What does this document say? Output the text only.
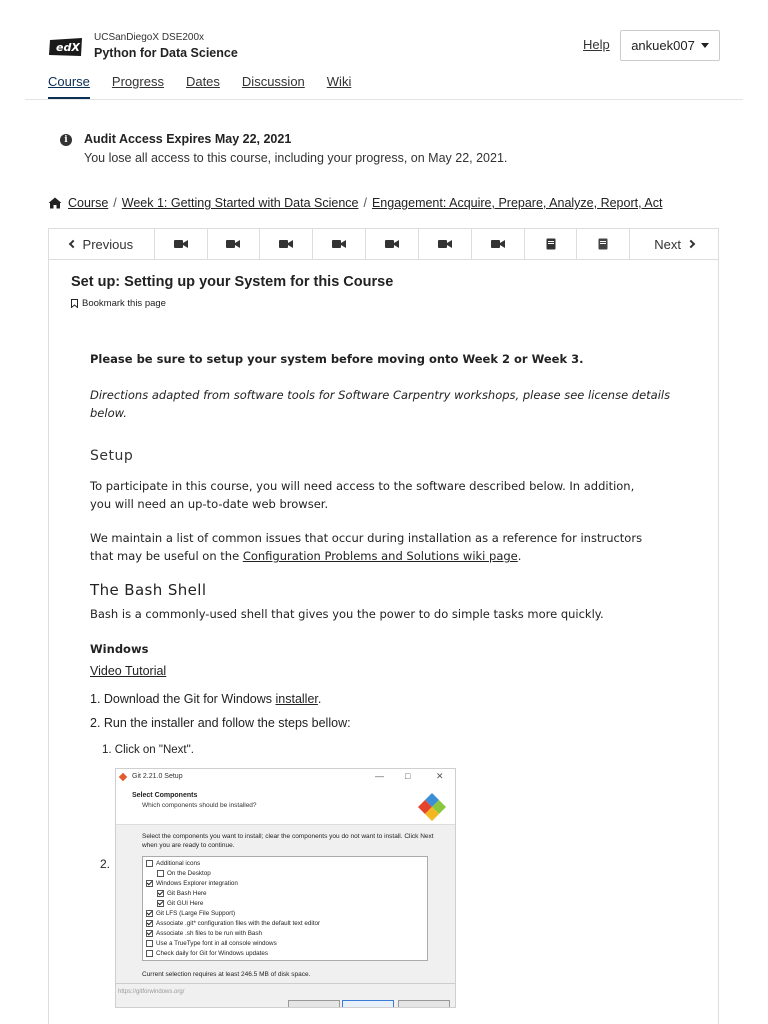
edX
UCSanDiegoX DSE200x
Python for Data Science
Help ankuek007
Course Progress Dates Discussion Wiki
i	Audit Access Expires May 22, 2021
You lose all access to this course, including your progress, on May 22, 2021.
Course / Week 1: Getting Started with Data Science / Engagement: Acquire, Prepare, Analyze, Report, Act
Previous	Next
Set up: Setting up your System for this Course
Bookmark this page
Please be sure to setup your system before moving onto Week 2 or Week 3.
Directions adapted from software tools for Software Carpentry workshops, please see license details below.
Setup
To participate in this course, you will need access to the software described below. In addition, you will need an up-to-date web browser.
We maintain a list of common issues that occur during installation as a reference for instructors that may be useful on the Configuration Problems and Solutions wiki page.
The Bash Shell
Bash is a commonly-used shell that gives you the power to do simple tasks more quickly.
Windows
Video Tutorial
1. Download the Git for Windows installer.
2. Run the installer and follow the steps bellow:
1. Click on "Next".
2.
Git 2.21.0 Setup	— □	✕
Select Components
Which components should be installed?
Select the components you want to install; clear the components you do not want to install. Click Next when you are ready to continue.
Additional icons
On the Desktop
Windows Explorer integration
Git Bash Here
Git GUI Here
Git LFS (Large File Support)
Associate .git* configuration files with the default text editor
Associate .sh files to be run with Bash
Use a TrueType font in all console windows
Check daily for Git for Windows updates
Current selection requires at least 246.5 MB of disk space.
https://gitforwindows.org/
